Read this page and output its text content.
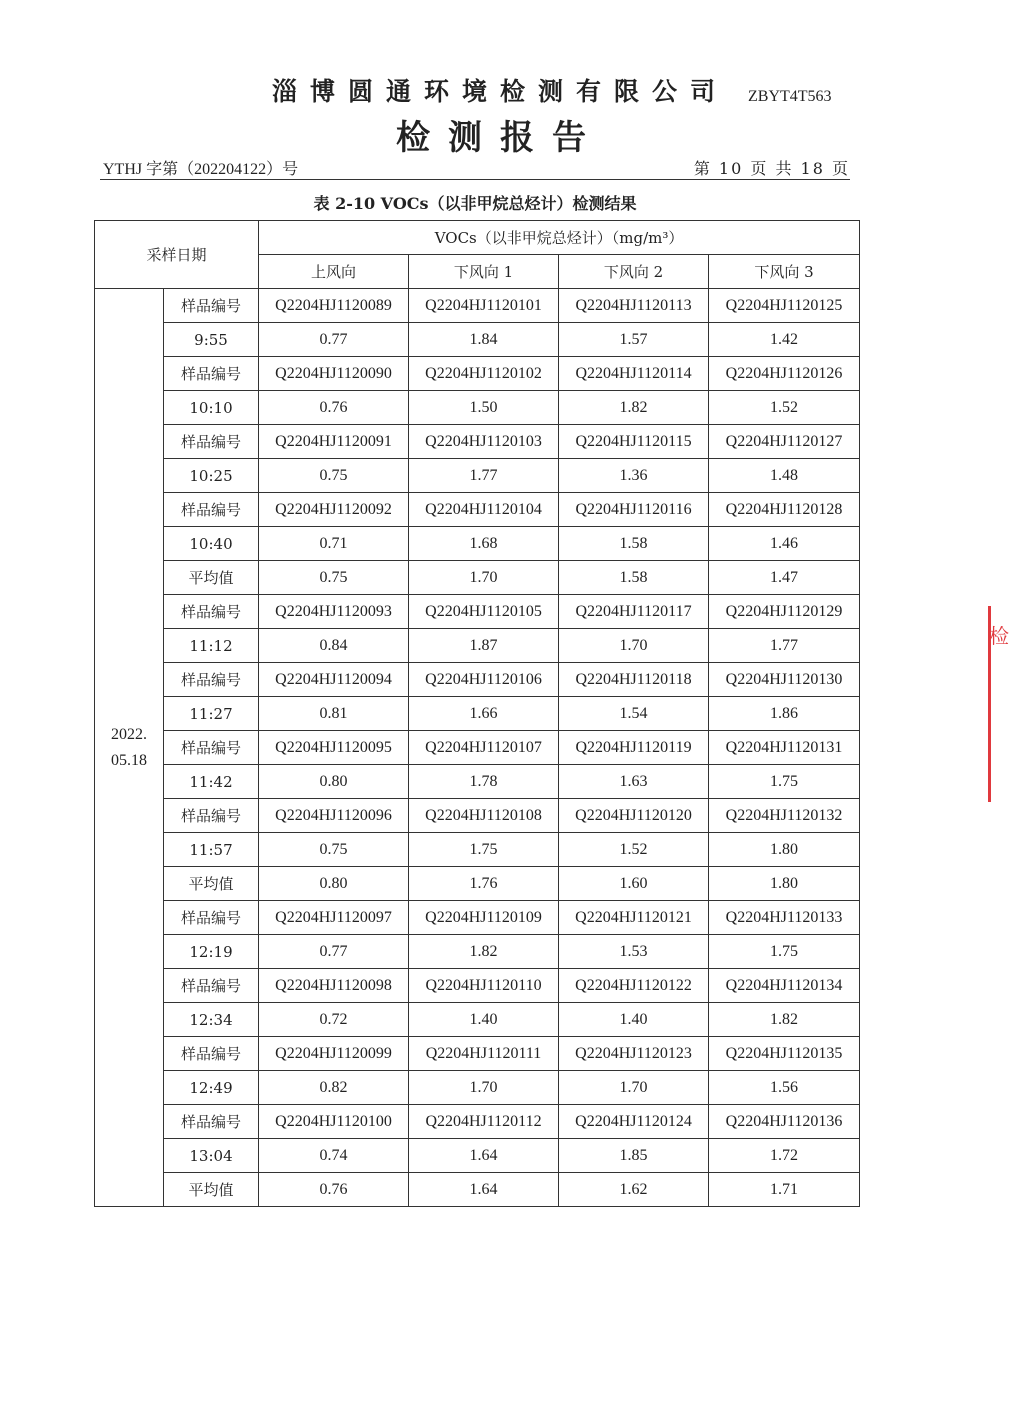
淄博圆通环境检测有限公司	ZBYT4T563
检测报告
YTHJ 字第（202204122）号	第 10 页 共 18 页
表 2-10 VOCs（以非甲烷总烃计）检测结果
采样日期		VOCs（以非甲烷总烃计）（mg/m³）			
		上风向	下风向 1	下风向 2	下风向 3
2022.
05.18	样品编号	Q2204HJ1120089	Q2204HJ1120101	Q2204HJ1120113	Q2204HJ1120125
	9:55	0.77	1.84	1.57	1.42
	样品编号	Q2204HJ1120090	Q2204HJ1120102	Q2204HJ1120114	Q2204HJ1120126
	10:10	0.76	1.50	1.82	1.52
	样品编号	Q2204HJ1120091	Q2204HJ1120103	Q2204HJ1120115	Q2204HJ1120127
	10:25	0.75	1.77	1.36	1.48
	样品编号	Q2204HJ1120092	Q2204HJ1120104	Q2204HJ1120116	Q2204HJ1120128
	10:40	0.71	1.68	1.58	1.46
	平均值	0.75	1.70	1.58	1.47
	样品编号	Q2204HJ1120093	Q2204HJ1120105	Q2204HJ1120117	Q2204HJ1120129
	11:12	0.84	1.87	1.70	1.77
	样品编号	Q2204HJ1120094	Q2204HJ1120106	Q2204HJ1120118	Q2204HJ1120130
	11:27	0.81	1.66	1.54	1.86
	样品编号	Q2204HJ1120095	Q2204HJ1120107	Q2204HJ1120119	Q2204HJ1120131
	11:42	0.80	1.78	1.63	1.75
	样品编号	Q2204HJ1120096	Q2204HJ1120108	Q2204HJ1120120	Q2204HJ1120132
	11:57	0.75	1.75	1.52	1.80
	平均值	0.80	1.76	1.60	1.80
	样品编号	Q2204HJ1120097	Q2204HJ1120109	Q2204HJ1120121	Q2204HJ1120133
	12:19	0.77	1.82	1.53	1.75
	样品编号	Q2204HJ1120098	Q2204HJ1120110	Q2204HJ1120122	Q2204HJ1120134
	12:34	0.72	1.40	1.40	1.82
	样品编号	Q2204HJ1120099	Q2204HJ1120111	Q2204HJ1120123	Q2204HJ1120135
	12:49	0.82	1.70	1.70	1.56
	样品编号	Q2204HJ1120100	Q2204HJ1120112	Q2204HJ1120124	Q2204HJ1120136
	13:04	0.74	1.64	1.85	1.72
	平均值	0.76	1.64	1.62	1.71
检
